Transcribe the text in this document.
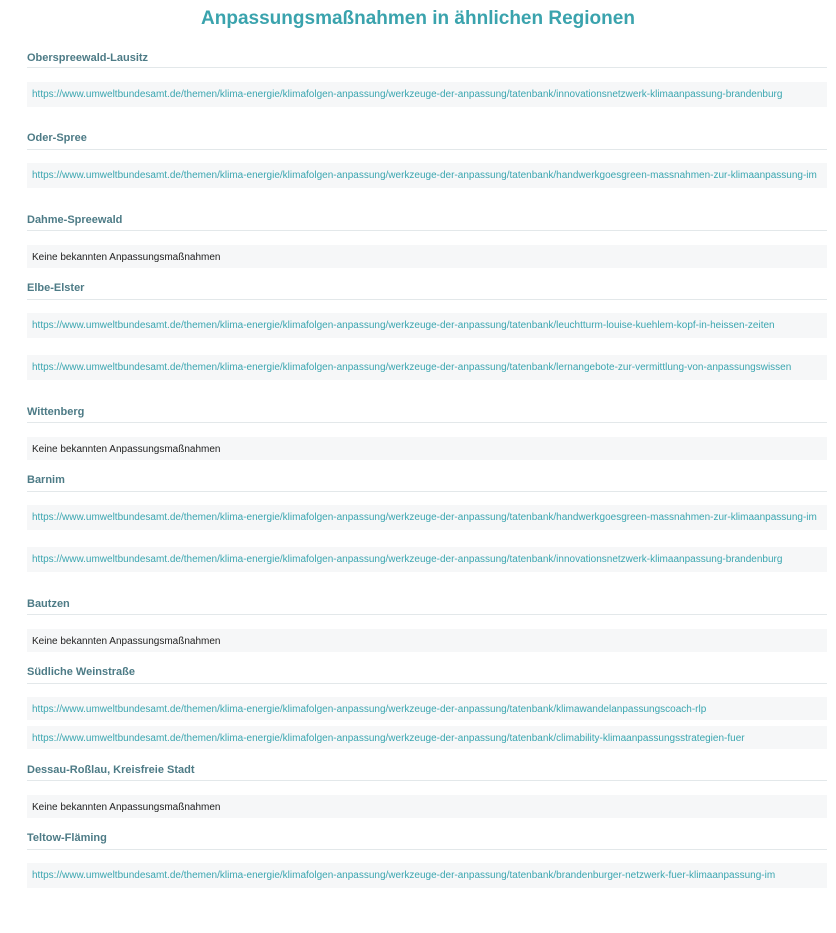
Anpassungsmaßnahmen in ähnlichen Regionen
Oberspreewald-Lausitz
https://www.umweltbundesamt.de/themen/klima-energie/klimafolgen-anpassung/werkzeuge-der-anpassung/tatenbank/innovationsnetzwerk-klimaanpassung-brandenburg
Oder-Spree
https://www.umweltbundesamt.de/themen/klima-energie/klimafolgen-anpassung/werkzeuge-der-anpassung/tatenbank/handwerkgoesgreen-massnahmen-zur-klimaanpassung-im
Dahme-Spreewald
Keine bekannten Anpassungsmaßnahmen
Elbe-Elster
https://www.umweltbundesamt.de/themen/klima-energie/klimafolgen-anpassung/werkzeuge-der-anpassung/tatenbank/leuchtturm-louise-kuehlem-kopf-in-heissen-zeiten
https://www.umweltbundesamt.de/themen/klima-energie/klimafolgen-anpassung/werkzeuge-der-anpassung/tatenbank/lernangebote-zur-vermittlung-von-anpassungswissen
Wittenberg
Keine bekannten Anpassungsmaßnahmen
Barnim
https://www.umweltbundesamt.de/themen/klima-energie/klimafolgen-anpassung/werkzeuge-der-anpassung/tatenbank/handwerkgoesgreen-massnahmen-zur-klimaanpassung-im
https://www.umweltbundesamt.de/themen/klima-energie/klimafolgen-anpassung/werkzeuge-der-anpassung/tatenbank/innovationsnetzwerk-klimaanpassung-brandenburg
Bautzen
Keine bekannten Anpassungsmaßnahmen
Südliche Weinstraße
https://www.umweltbundesamt.de/themen/klima-energie/klimafolgen-anpassung/werkzeuge-der-anpassung/tatenbank/klimawandelanpassungscoach-rlp
https://www.umweltbundesamt.de/themen/klima-energie/klimafolgen-anpassung/werkzeuge-der-anpassung/tatenbank/climability-klimaanpassungsstrategien-fuer
Dessau-Roßlau, Kreisfreie Stadt
Keine bekannten Anpassungsmaßnahmen
Teltow-Fläming
https://www.umweltbundesamt.de/themen/klima-energie/klimafolgen-anpassung/werkzeuge-der-anpassung/tatenbank/brandenburger-netzwerk-fuer-klimaanpassung-im
